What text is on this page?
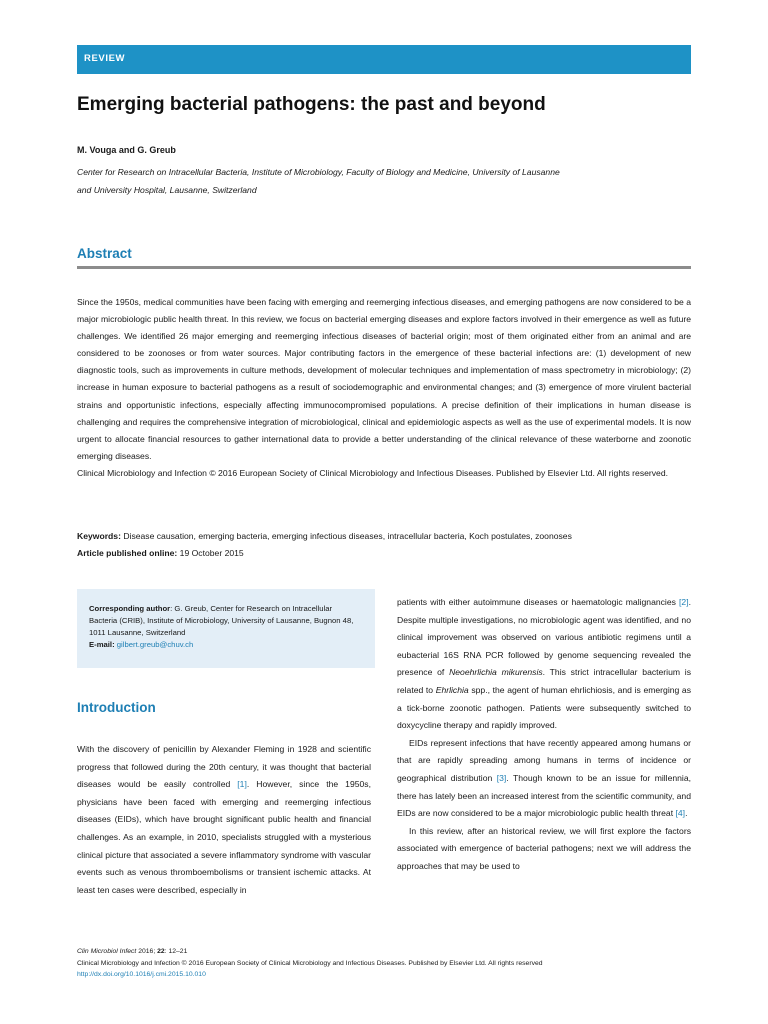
REVIEW
Emerging bacterial pathogens: the past and beyond
M. Vouga and G. Greub
Center for Research on Intracellular Bacteria, Institute of Microbiology, Faculty of Biology and Medicine, University of Lausanne
and University Hospital, Lausanne, Switzerland
Abstract

Since the 1950s, medical communities have been facing with emerging and reemerging infectious diseases, and emerging pathogens are now considered to be a major microbiologic public health threat. In this review, we focus on bacterial emerging diseases and explore factors involved in their emergence as well as future challenges. We identified 26 major emerging and reemerging infectious diseases of bacterial origin; most of them originated either from an animal and are considered to be zoonoses or from water sources. Major contributing factors in the emergence of these bacterial infections are: (1) development of new diagnostic tools, such as improvements in culture methods, development of molecular techniques and implementation of mass spectrometry in microbiology; (2) increase in human exposure to bacterial pathogens as a result of sociodemographic and environmental changes; and (3) emergence of more virulent bacterial strains and opportunistic infections, especially affecting immunocompromised populations. A precise definition of their implications in human disease is challenging and requires the comprehensive integration of microbiological, clinical and epidemiologic aspects as well as the use of experimental models. It is now urgent to allocate financial resources to gather international data to provide a better understanding of the clinical relevance of these waterborne and zoonotic emerging diseases.

Clinical Microbiology and Infection © 2016 European Society of Clinical Microbiology and Infectious Diseases. Published by Elsevier Ltd. All rights reserved.

Keywords: Disease causation, emerging bacteria, emerging infectious diseases, intracellular bacteria, Koch postulates, zoonoses
Article published online: 19 October 2015
Corresponding author: G. Greub, Center for Research on Intracellular Bacteria (CRIB), Institute of Microbiology, University of Lausanne, Bugnon 48, 1011 Lausanne, Switzerland
E-mail: gilbert.greub@chuv.ch
Introduction

With the discovery of penicillin by Alexander Fleming in 1928 and scientific progress that followed during the 20th century, it was thought that bacterial diseases would be easily controlled [1]. However, since the 1950s, physicians have been faced with emerging and reemerging infectious diseases (EIDs), which have brought significant public health and financial challenges. As an example, in 2010, specialists struggled with a mysterious clinical picture that associated a severe inflammatory syndrome with vascular events such as venous thromboembolisms or transient ischemic attacks. At least ten cases were described, especially in

patients with either autoimmune diseases or haematologic malignancies [2]. Despite multiple investigations, no microbiologic agent was identified, and no clinical improvement was observed on various antibiotic regimens until a eubacterial 16S RNA PCR followed by genome sequencing revealed the presence of Neoehrlichia mikurensis. This strict intracellular bacterium is related to Ehrlichia spp., the agent of human ehrlichiosis, and is emerging as a tick-borne zoonotic pathogen. Patients were subsequently switched to doxycycline therapy and rapidly improved.

EIDs represent infections that have recently appeared among humans or that are rapidly spreading among humans in terms of incidence or geographical distribution [3]. Though known to be an issue for millennia, there has lately been an increased interest from the scientific community, and EIDs are now considered to be a major microbiologic public health threat [4].

In this review, after an historical review, we will first explore the factors associated with emergence of bacterial pathogens; next we will address the approaches that may be used to

Clin Microbiol Infect 2016; 22: 12–21
Clinical Microbiology and Infection © 2016 European Society of Clinical Microbiology and Infectious Diseases. Published by Elsevier Ltd. All rights reserved
http://dx.doi.org/10.1016/j.cmi.2015.10.010
